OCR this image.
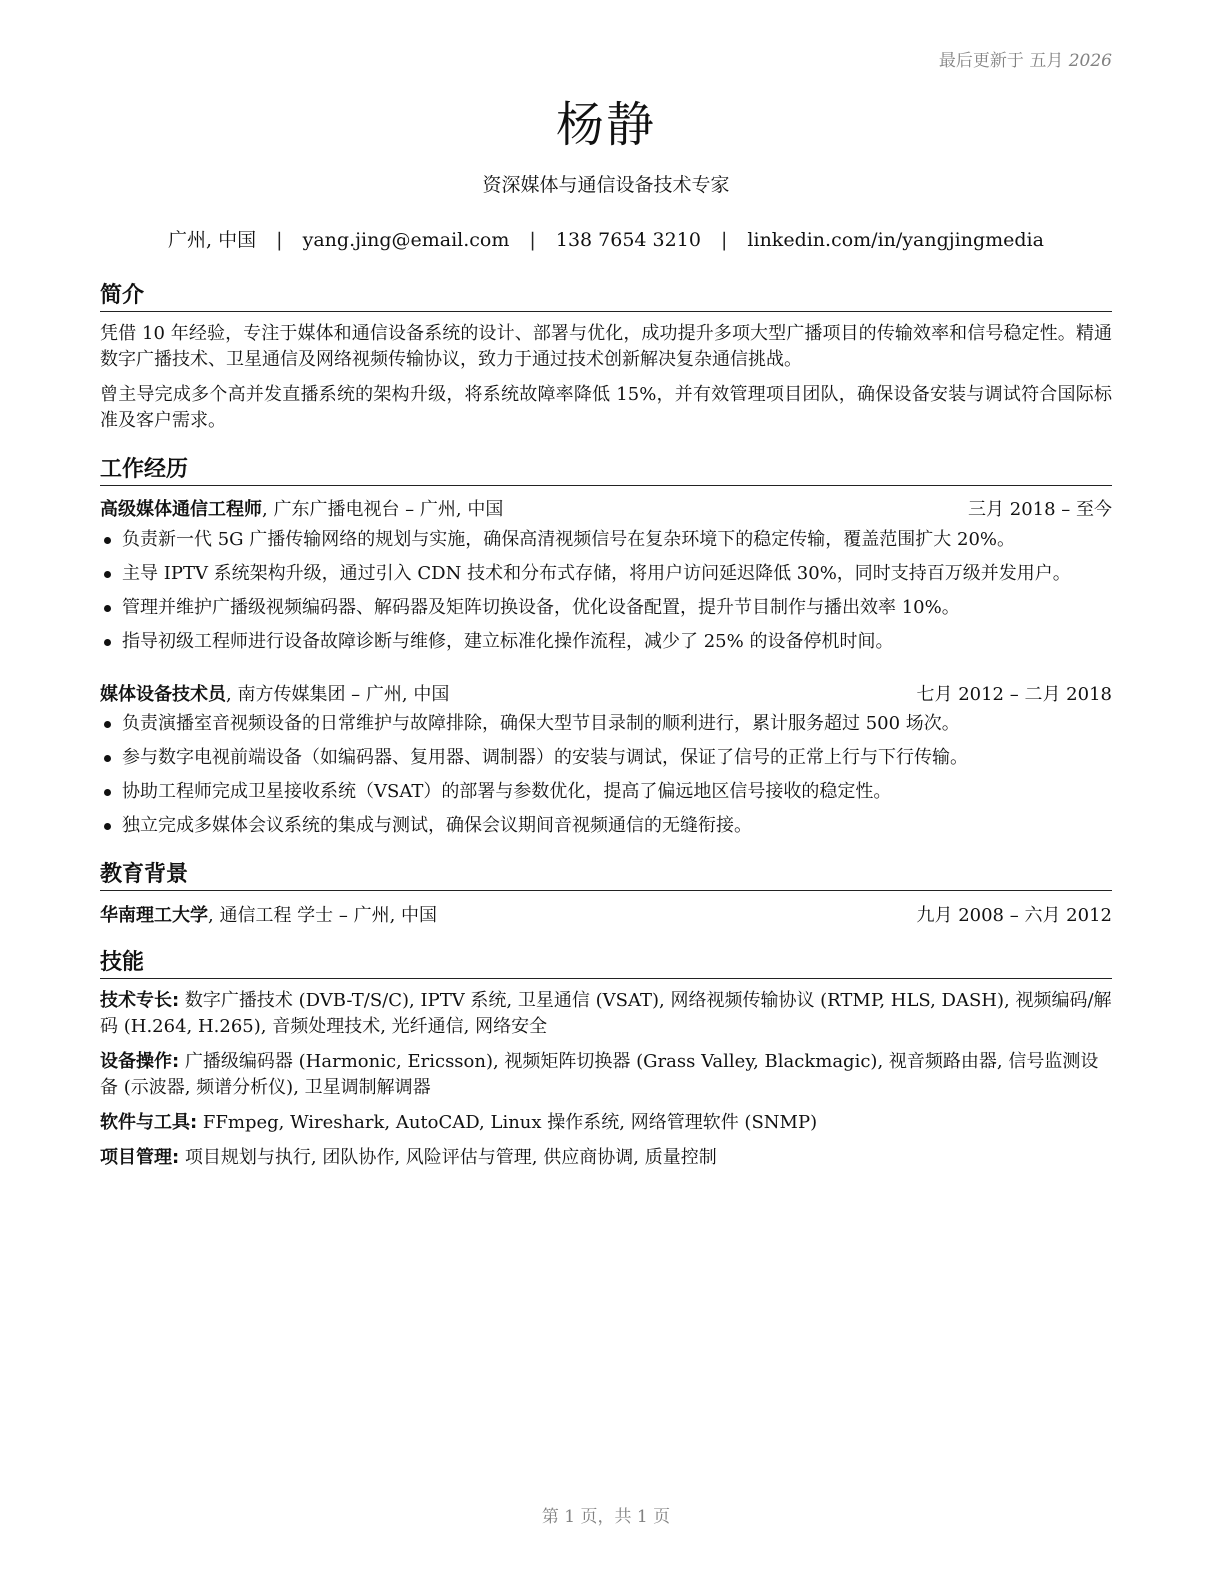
最后更新于 五月 2026
杨静
资深媒体与通信设备技术专家
广州, 中国 | yang.jing@email.com | 138 7654 3210 | linkedin.com/in/yangjingmedia
简介
凭借 10 年经验，专注于媒体和通信设备系统的设计、部署与优化，成功提升多项大型广播项目的传输效率和信号稳定性。精通数字广播技术、卫星通信及网络视频传输协议，致力于通过技术创新解决复杂通信挑战。
曾主导完成多个高并发直播系统的架构升级，将系统故障率降低 15%，并有效管理项目团队，确保设备安装与调试符合国际标准及客户需求。
工作经历
高级媒体通信工程师, 广东广播电视台 – 广州, 中国	三月 2018 – 至今
负责新一代 5G 广播传输网络的规划与实施，确保高清视频信号在复杂环境下的稳定传输，覆盖范围扩大 20%。
主导 IPTV 系统架构升级，通过引入 CDN 技术和分布式存储，将用户访问延迟降低 30%，同时支持百万级并发用户。
管理并维护广播级视频编码器、解码器及矩阵切换设备，优化设备配置，提升节目制作与播出效率 10%。
指导初级工程师进行设备故障诊断与维修，建立标准化操作流程，减少了 25% 的设备停机时间。
媒体设备技术员, 南方传媒集团 – 广州, 中国	七月 2012 – 二月 2018
负责演播室音视频设备的日常维护与故障排除，确保大型节目录制的顺利进行，累计服务超过 500 场次。
参与数字电视前端设备（如编码器、复用器、调制器）的安装与调试，保证了信号的正常上行与下行传输。
协助工程师完成卫星接收系统（VSAT）的部署与参数优化，提高了偏远地区信号接收的稳定性。
独立完成多媒体会议系统的集成与测试，确保会议期间音视频通信的无缝衔接。
教育背景
华南理工大学, 通信工程 学士 – 广州, 中国	九月 2008 – 六月 2012
技能
技术专长: 数字广播技术 (DVB-T/S/C), IPTV 系统, 卫星通信 (VSAT), 网络视频传输协议 (RTMP, HLS, DASH), 视频编码/解码 (H.264, H.265), 音频处理技术, 光纤通信, 网络安全
设备操作: 广播级编码器 (Harmonic, Ericsson), 视频矩阵切换器 (Grass Valley, Blackmagic), 视音频路由器, 信号监测设备 (示波器, 频谱分析仪), 卫星调制解调器
软件与工具: FFmpeg, Wireshark, AutoCAD, Linux 操作系统, 网络管理软件 (SNMP)
项目管理: 项目规划与执行, 团队协作, 风险评估与管理, 供应商协调, 质量控制
第 1 页，共 1 页
